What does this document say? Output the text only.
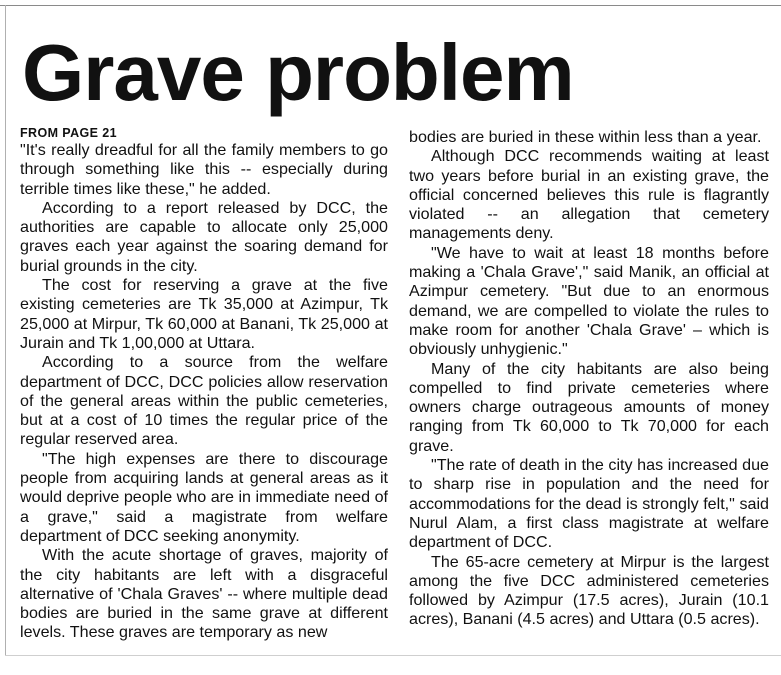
Grave problem
FROM PAGE 21

"It's really dreadful for all the family members to go through something like this -- especially during terrible times like these," he added.

According to a report released by DCC, the authorities are capable to allocate only 25,000 graves each year against the soaring demand for burial grounds in the city.

The cost for reserving a grave at the five existing cemeteries are Tk 35,000 at Azimpur, Tk 25,000 at Mirpur, Tk 60,000 at Banani, Tk 25,000 at Jurain and Tk 1,00,000 at Uttara.

According to a source from the welfare department of DCC, DCC policies allow reservation of the general areas within the public cemeteries, but at a cost of 10 times the regular price of the regular reserved area.

"The high expenses are there to discourage people from acquiring lands at general areas as it would deprive people who are in immediate need of a grave," said a magistrate from welfare department of DCC seeking anonymity.

With the acute shortage of graves, majority of the city habitants are left with a disgraceful alternative of 'Chala Graves' -- where multiple dead bodies are buried in the same grave at different levels. These graves are temporary as new

bodies are buried in these within less than a year.

Although DCC recommends waiting at least two years before burial in an existing grave, the official concerned believes this rule is flagrantly violated -- an allegation that cemetery managements deny.

"We have to wait at least 18 months before making a 'Chala Grave'," said Manik, an official at Azimpur cemetery. "But due to an enormous demand, we are compelled to violate the rules to make room for another 'Chala Grave' – which is obviously unhygienic."

Many of the city habitants are also being compelled to find private cemeteries where owners charge outrageous amounts of money ranging from Tk 60,000 to Tk 70,000 for each grave.

"The rate of death in the city has increased due to sharp rise in population and the need for accommodations for the dead is strongly felt," said Nurul Alam, a first class magistrate at welfare department of DCC.

The 65-acre cemetery at Mirpur is the largest among the five DCC administered cemeteries followed by Azimpur (17.5 acres), Jurain (10.1 acres), Banani (4.5 acres) and Uttara (0.5 acres).
